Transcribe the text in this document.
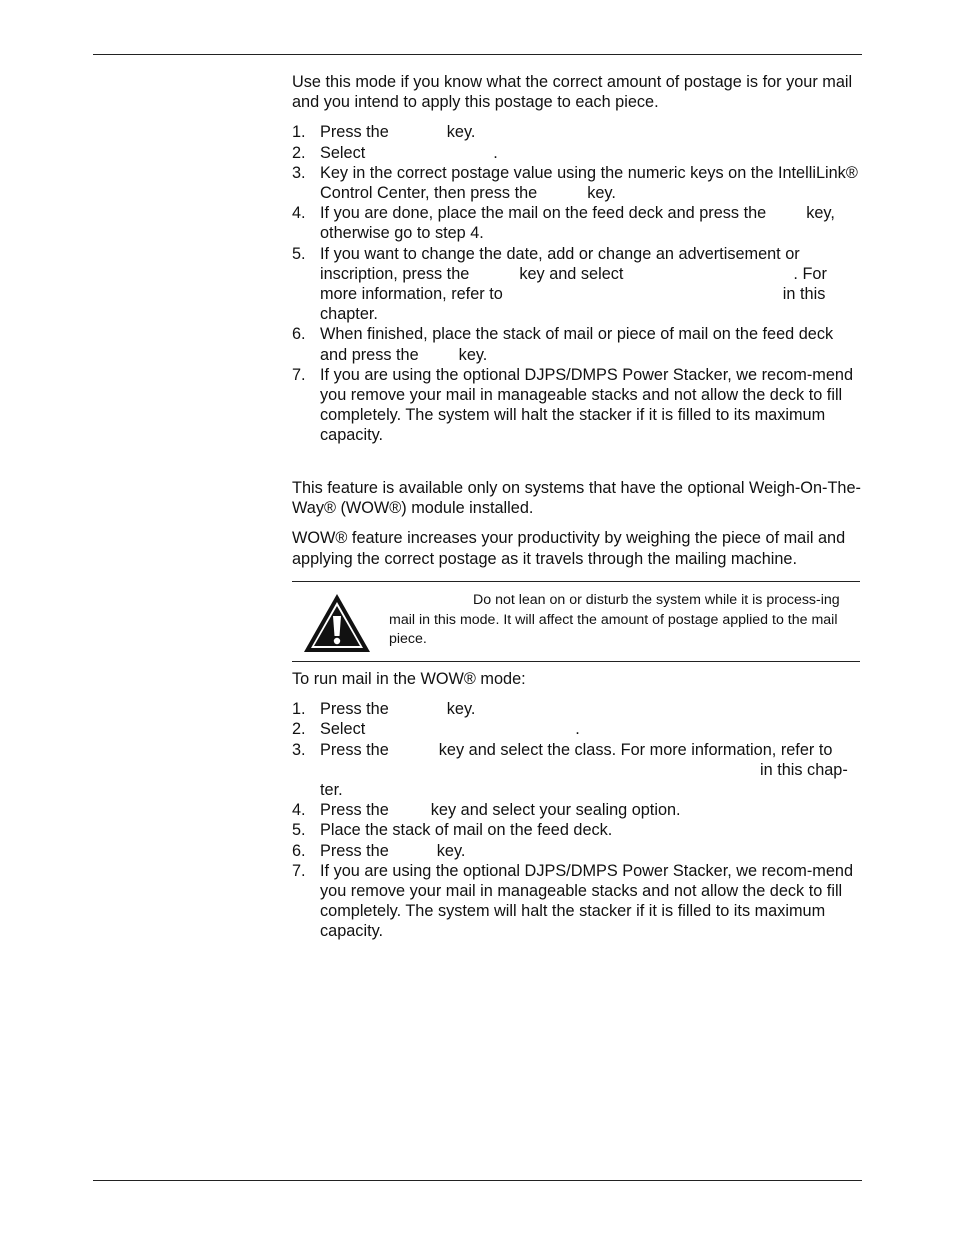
Use this mode if you know what the correct amount of postage is for your mail and you intend to apply this postage to each piece.

1. Press the	key.
2. Select	.
3. Key in the correct postage value using the numeric keys on the IntelliLink® Control Center, then press the	key.
4. If you are done, place the mail on the feed deck and press the key, otherwise go to step 4.
5. If you want to change the date, add or change an advertisement or inscription, press the	key and select	. For more information, refer to	in this chapter.
6. When finished, place the stack of mail or piece of mail on the feed deck and press the key.
7. If you are using the optional DJPS/DMPS Power Stacker, we recom-mend you remove your mail in manageable stacks and not allow the deck to fill completely. The system will halt the stacker if it is filled to its maximum capacity.

This feature is available only on systems that have the optional Weigh-On-The-Way® (WOW®) module installed.

WOW® feature increases your productivity by weighing the piece of mail and applying the correct postage as it travels through the mailing machine.

Do not lean on or disturb the system while it is process-ing mail in this mode. It will affect the amount of postage applied to the mail piece.

To run mail in the WOW® mode:

1. Press the	key.
2. Select	.
3. Press the	key and select the class. For more information, refer toin this chap-ter.
4. Press the	key and select your sealing option.
5. Place the stack of mail on the feed deck.
6. Press the	key.
7. If you are using the optional DJPS/DMPS Power Stacker, we recom-mend you remove your mail in manageable stacks and not allow the deck to fill completely. The system will halt the stacker if it is filled to its maximum capacity.
